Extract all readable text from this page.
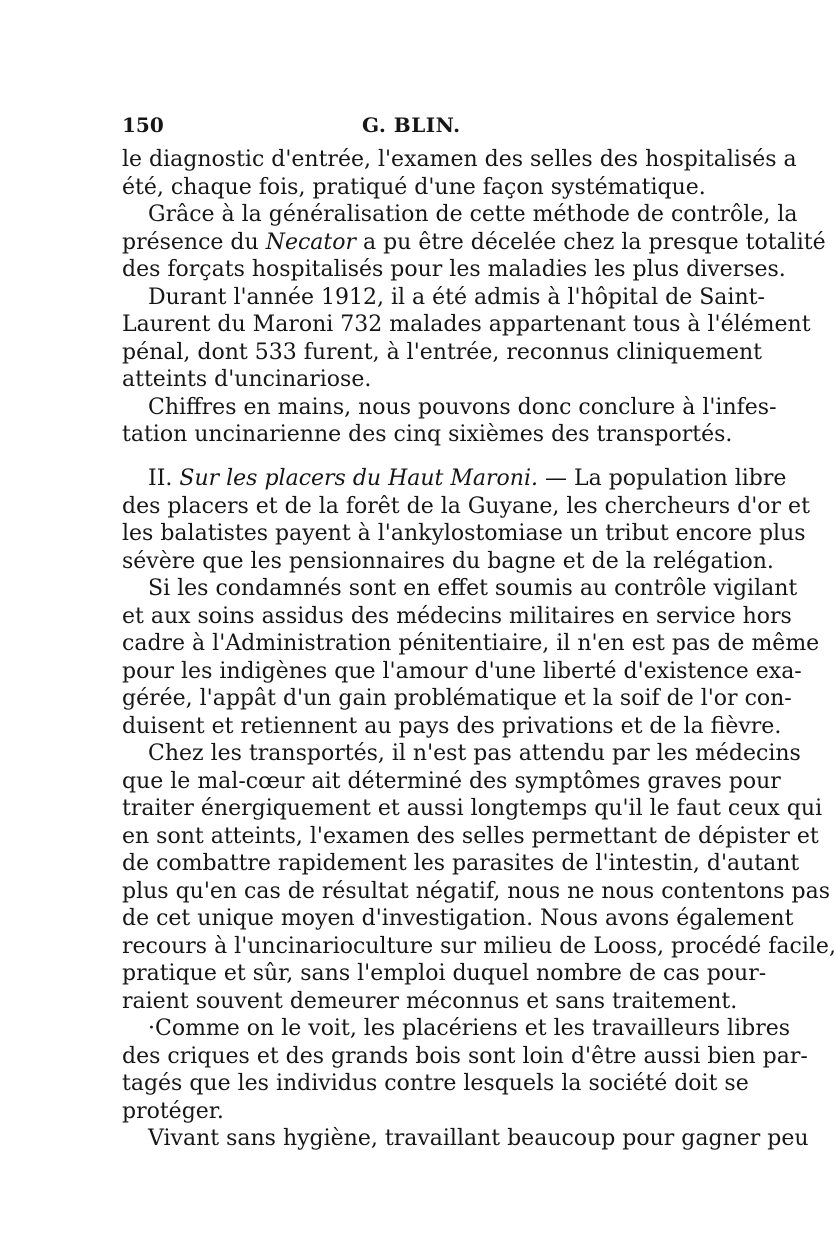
150	G. BLIN.
le diagnostic d'entrée, l'examen des selles des hospitalisés a
été, chaque fois, pratiqué d'une façon systématique.
Grâce à la généralisation de cette méthode de contrôle, la
présence du Necator a pu être décelée chez la presque totalité
des forçats hospitalisés pour les maladies les plus diverses.
Durant l'année 1912, il a été admis à l'hôpital de Saint-
Laurent du Maroni 732 malades appartenant tous à l'élément
pénal, dont 533 furent, à l'entrée, reconnus cliniquement
atteints d'uncinariose.
Chiffres en mains, nous pouvons donc conclure à l'infes-
tation uncinarienne des cinq sixièmes des transportés.
II. Sur les placers du Haut Maroni. — La population libre
des placers et de la forêt de la Guyane, les chercheurs d'or et
les balatistes payent à l'ankylostomiase un tribut encore plus
sévère que les pensionnaires du bagne et de la relégation.
Si les condamnés sont en effet soumis au contrôle vigilant
et aux soins assidus des médecins militaires en service hors
cadre à l'Administration pénitentiaire, il n'en est pas de même
pour les indigènes que l'amour d'une liberté d'existence exa-
gérée, l'appât d'un gain problématique et la soif de l'or con-
duisent et retiennent au pays des privations et de la fièvre.
Chez les transportés, il n'est pas attendu par les médecins
que le mal-cœur ait déterminé des symptômes graves pour
traiter énergiquement et aussi longtemps qu'il le faut ceux qui
en sont atteints, l'examen des selles permettant de dépister et
de combattre rapidement les parasites de l'intestin, d'autant
plus qu'en cas de résultat négatif, nous ne nous contentons pas
de cet unique moyen d'investigation. Nous avons également
recours à l'uncinarioculture sur milieu de Looss, procédé facile,
pratique et sûr, sans l'emploi duquel nombre de cas pour-
raient souvent demeurer méconnus et sans traitement.
·Comme on le voit, les placériens et les travailleurs libres
des criques et des grands bois sont loin d'être aussi bien par-
tagés que les individus contre lesquels la société doit se
protéger.
Vivant sans hygiène, travaillant beaucoup pour gagner peu
